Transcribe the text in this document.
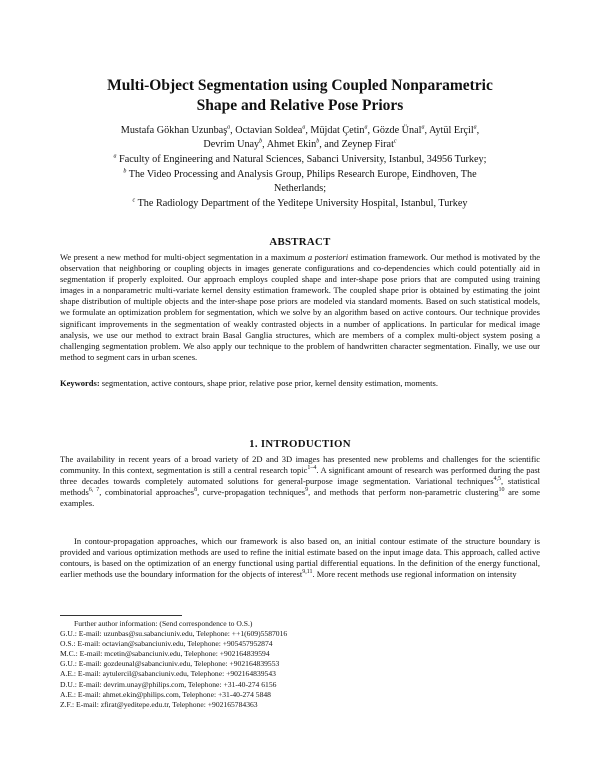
Multi-Object Segmentation using Coupled Nonparametric
Shape and Relative Pose Priors
Mustafa Gökhan Uzunbaş$^a$, Octavian Soldea$^a$, Müjdat Çetin$^a$, Gözde Ünal$^a$, Aytül Erçil$^a$,
Devrim Unay$^b$, Ahmet Ekin$^b$, and Zeynep Firat$^c$
$^a$ Faculty of Engineering and Natural Sciences, Sabanci University, Istanbul, 34956 Turkey;
$^b$ The Video Processing and Analysis Group, Philips Research Europe, Eindhoven, The
Netherlands;
$^c$ The Radiology Department of the Yeditepe University Hospital, Istanbul, Turkey
ABSTRACT
We present a new method for multi-object segmentation in a maximum a posteriori estimation framework. Our method is motivated by the observation that neighboring or coupling objects in images generate configurations and co-dependencies which could potentially aid in segmentation if properly exploited. Our approach employs coupled shape and inter-shape pose priors that are computed using training images in a nonparametric multi-variate kernel density estimation framework. The coupled shape prior is obtained by estimating the joint shape distribution of multiple objects and the inter-shape pose priors are modeled via standard moments. Based on such statistical models, we formulate an optimization problem for segmentation, which we solve by an algorithm based on active contours. Our technique provides significant improvements in the segmentation of weakly contrasted objects in a number of applications. In particular for medical image analysis, we use our method to extract brain Basal Ganglia structures, which are members of a complex multi-object system posing a challenging segmentation problem. We also apply our technique to the problem of handwritten character segmentation. Finally, we use our method to segment cars in urban scenes.
Keywords: segmentation, active contours, shape prior, relative pose prior, kernel density estimation, moments.
1. INTRODUCTION
The availability in recent years of a broad variety of 2D and 3D images has presented new problems and challenges for the scientific community. In this context, segmentation is still a central research topic$^{1-4}$. A significant amount of research was performed during the past three decades towards completely automated solutions for general-purpose image segmentation. Variational techniques$^{4,5}$, statistical methods$^{6, 7}$, combinatorial approaches$^8$, curve-propagation techniques$^9$, and methods that perform non-parametric clustering$^{10}$ are some examples.
In contour-propagation approaches, which our framework is also based on, an initial contour estimate of the structure boundary is provided and various optimization methods are used to refine the initial estimate based on the input image data. This approach, called active contours, is based on the optimization of an energy functional using partial differential equations. In the definition of the energy functional, earlier methods use the boundary information for the objects of interest$^{9,11}$. More recent methods use regional information on intensity
Further author information: (Send correspondence to O.S.)
G.U.: E-mail: uzunbas@su.sabanciuniv.edu, Telephone: ++1(609)5587016
O.S.: E-mail: octavian@sabanciuniv.edu, Telephone: +905457952874
M.C.: E-mail: mcetin@sabanciuniv.edu, Telephone: +902164839594
G.U.: E-mail: gozdeunal@sabanciuniv.edu, Telephone: +902164839553
A.E.: E-mail: aytulercil@sabanciuniv.edu, Telephone: +902164839543
D.U.: E-mail: devrim.unay@philips.com, Telephone: +31-40-274 6156
A.E.: E-mail: ahmet.ekin@philips.com, Telephone: +31-40-274 5848
Z.F.: E-mail: zfirat@yeditepe.edu.tr, Telephone: +902165784363
